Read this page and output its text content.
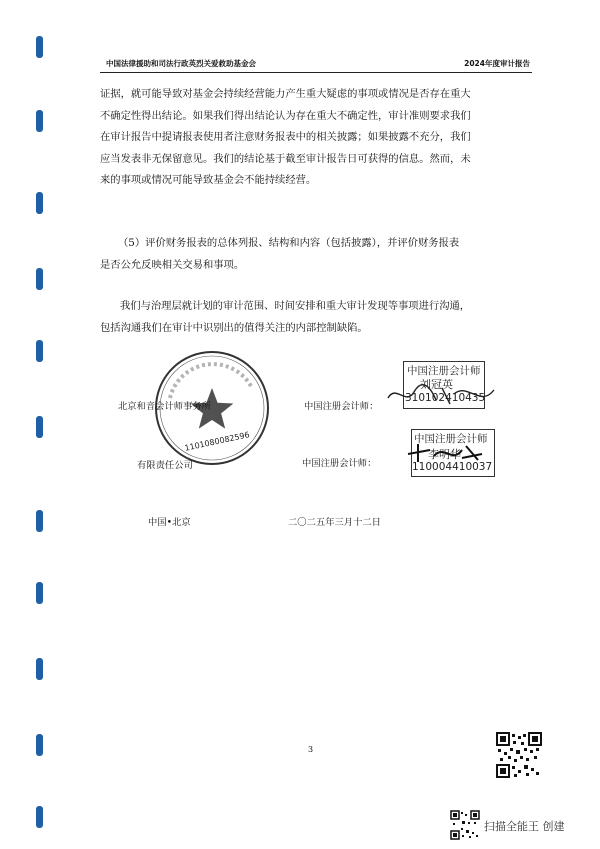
中国法律援助和司法行政英烈关爱救助基金会	2024年度审计报告

证据，就可能导致对基金会持续经营能力产生重大疑虑的事项或情况是否存在重大
不确定性得出结论。如果我们得出结论认为存在重大不确定性，审计准则要求我们
在审计报告中提请报表使用者注意财务报表中的相关披露；如果披露不充分，我们
应当发表非无保留意见。我们的结论基于截至审计报告日可获得的信息。然而，未
来的事项或情况可能导致基金会不能持续经营。

（5）评价财务报表的总体列报、结构和内容（包括披露），并评价财务报表
是否公允反映相关交易和事项。

我们与治理层就计划的审计范围、时间安排和重大审计发现等事项进行沟通，
包括沟通我们在审计中识别出的值得关注的内部控制缺陷。

1101080082596
北京和音会计师事务所
有限责任公司
中国注册会计师：
中国注册会计师：
中国注册会计师
刘冠英
310102410435
中国注册会计师
李明华
110004410037
中国•北京	二〇二五年三月十二日
3
扫描全能王 创建
